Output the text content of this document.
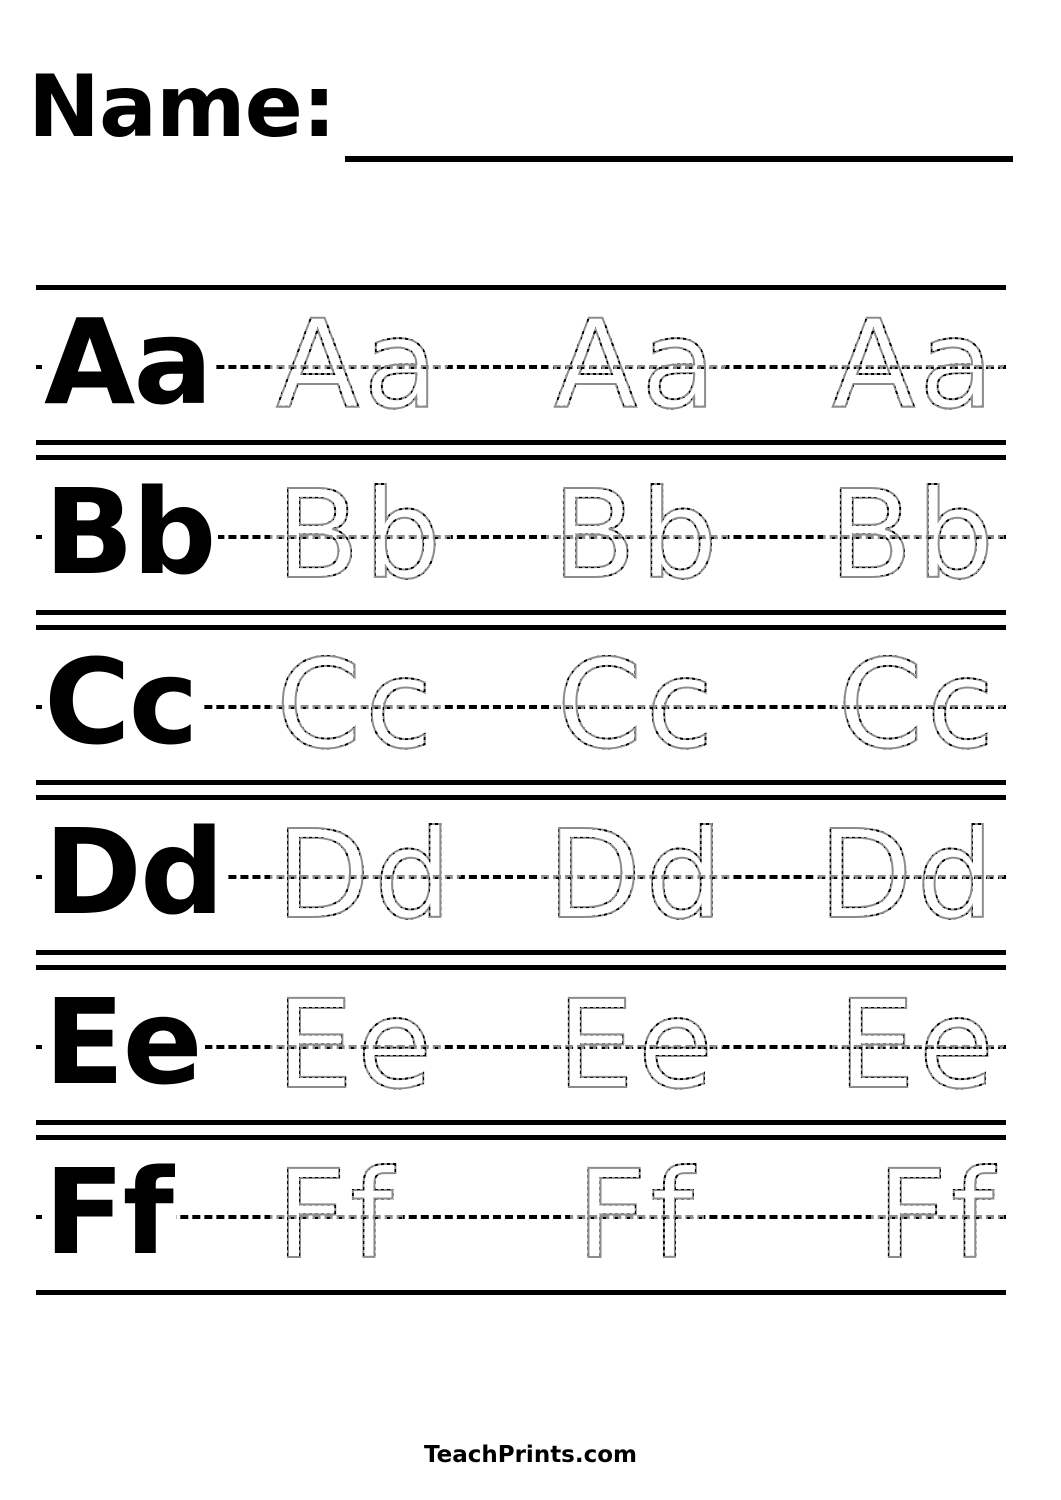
Name:
Aa Aa Aa Aa
Bb Bb Bb Bb
Cc Cc Cc Cc
Dd Dd Dd Dd
Ee Ee Ee Ee
Ff Ff Ff Ff
TeachPrints.com
